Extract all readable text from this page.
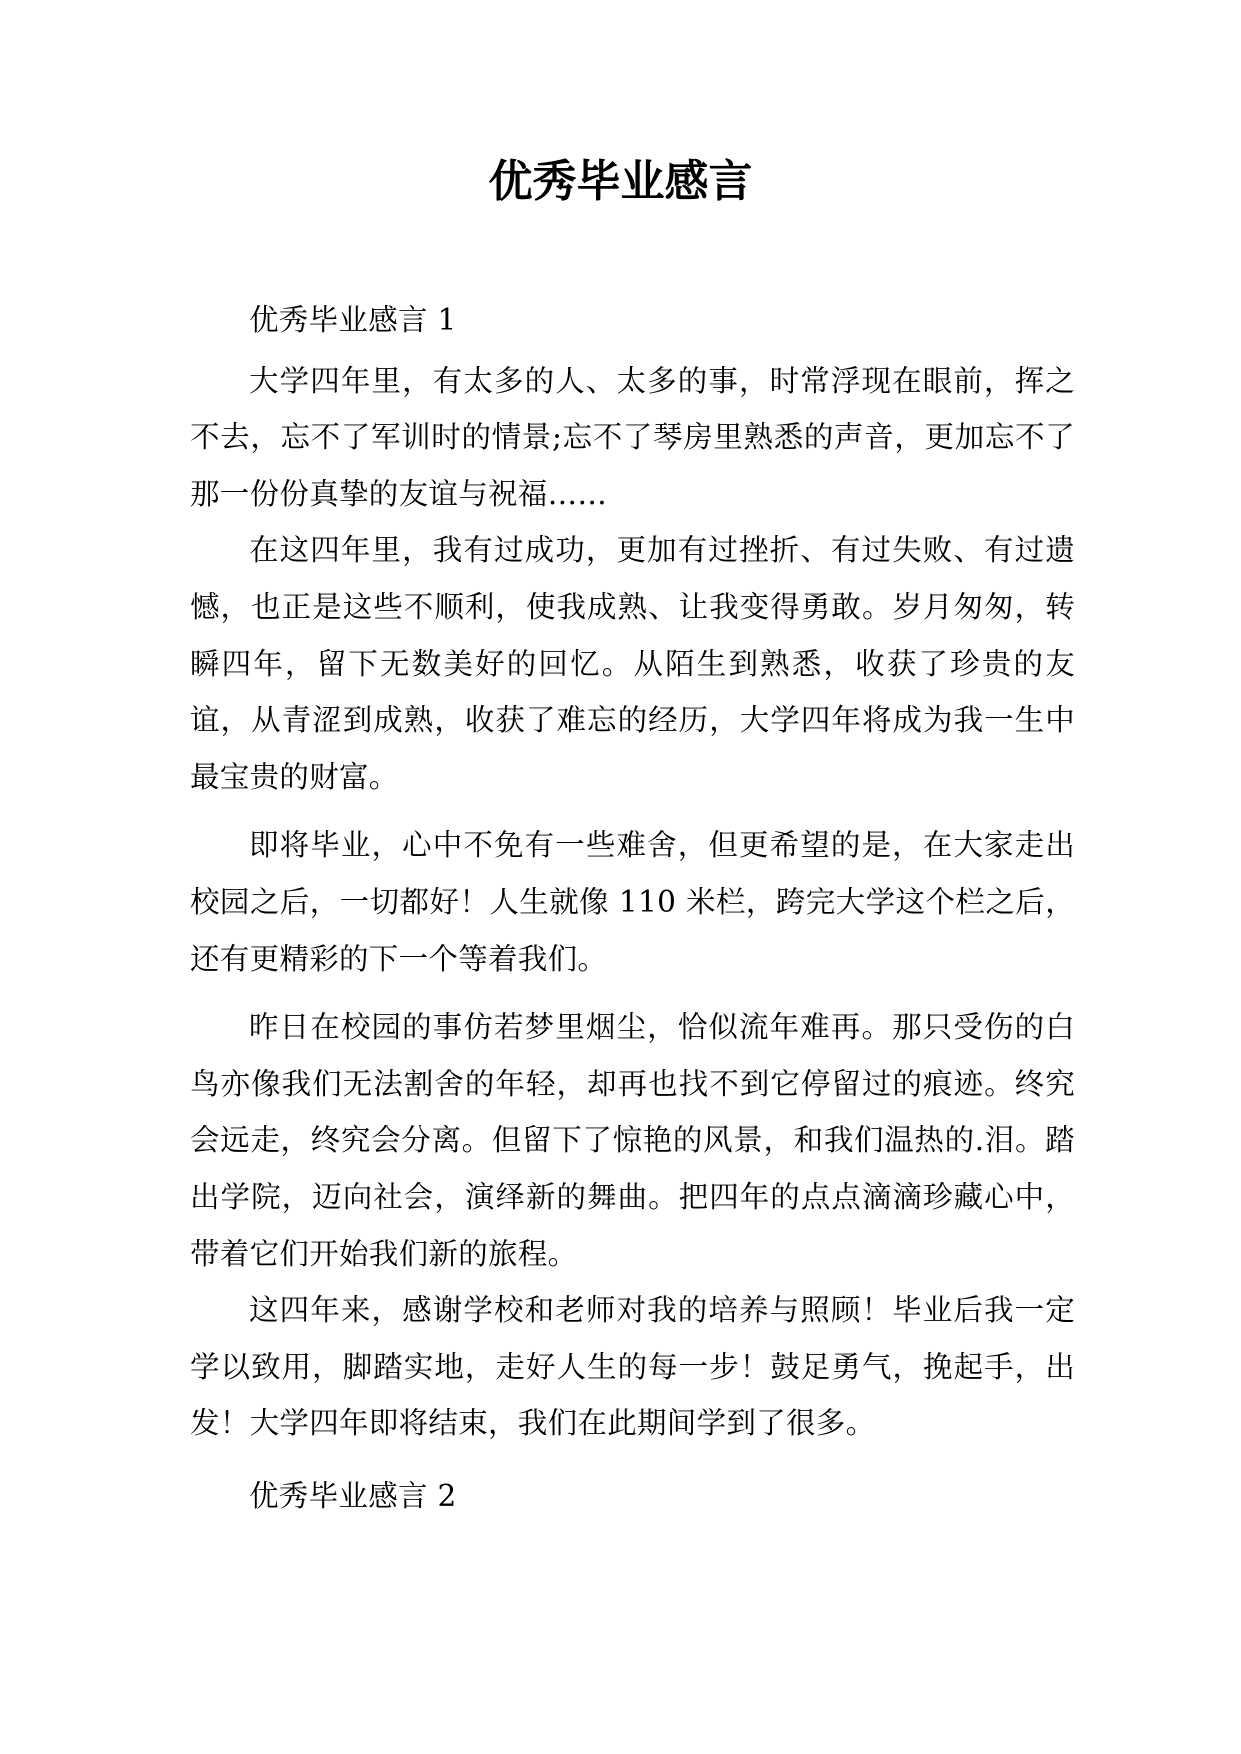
优秀毕业感言

优秀毕业感言 1

大学四年里，有太多的人、太多的事，时常浮现在眼前，挥之不去，忘不了军训时的情景;忘不了琴房里熟悉的声音，更加忘不了那一份份真挚的友谊与祝福……

在这四年里，我有过成功，更加有过挫折、有过失败、有过遗憾，也正是这些不顺利，使我成熟、让我变得勇敢。岁月匆匆，转瞬四年，留下无数美好的回忆。从陌生到熟悉，收获了珍贵的友谊，从青涩到成熟，收获了难忘的经历，大学四年将成为我一生中最宝贵的财富。

即将毕业，心中不免有一些难舍，但更希望的是，在大家走出校园之后，一切都好！人生就像 110 米栏，跨完大学这个栏之后，还有更精彩的下一个等着我们。

昨日在校园的事仿若梦里烟尘，恰似流年难再。那只受伤的白鸟亦像我们无法割舍的年轻，却再也找不到它停留过的痕迹。终究会远走，终究会分离。但留下了惊艳的风景，和我们温热的.泪。踏出学院，迈向社会，演绎新的舞曲。把四年的点点滴滴珍藏心中，带着它们开始我们新的旅程。

这四年来，感谢学校和老师对我的培养与照顾！毕业后我一定学以致用，脚踏实地，走好人生的每一步！鼓足勇气，挽起手，出发！大学四年即将结束，我们在此期间学到了很多。

优秀毕业感言 2
